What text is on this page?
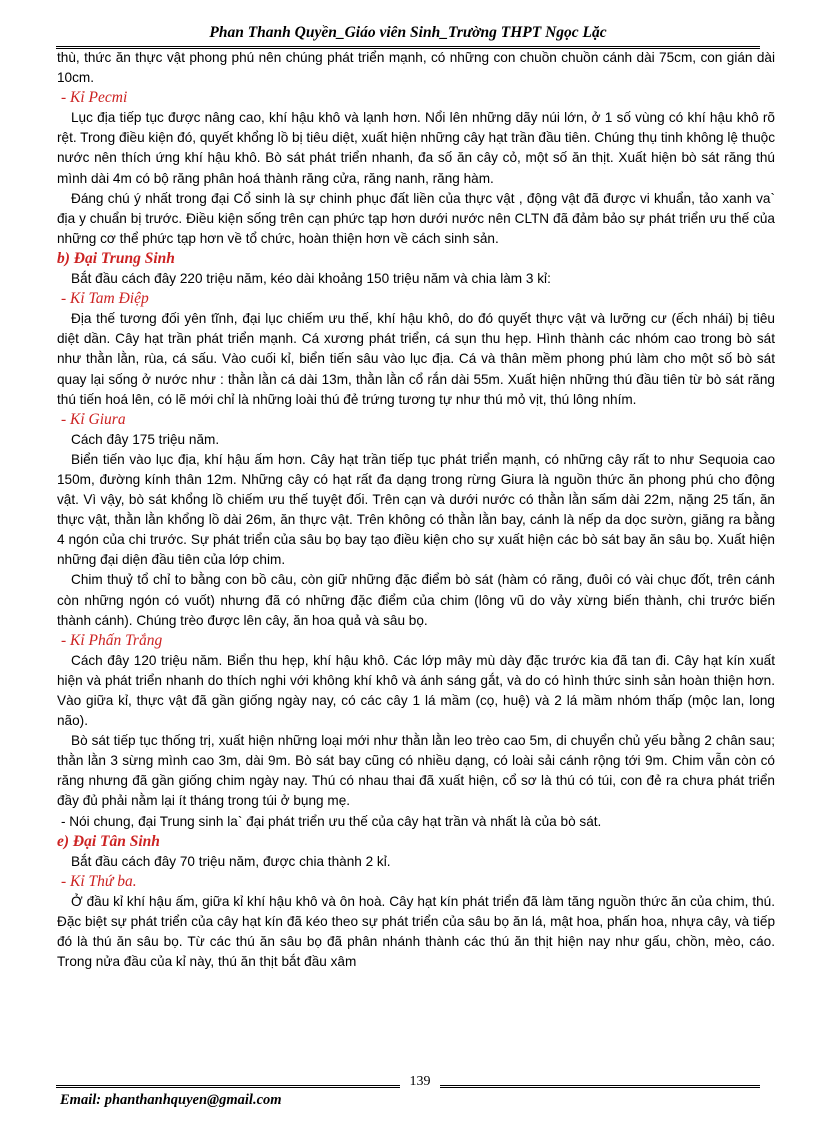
Phan Thanh Quyền_Giáo viên Sinh_Trường THPT Ngọc Lặc

thù, thức ăn thực vật phong phú nên chúng phát triển mạnh, có những con chuồn chuồn cánh dài 75cm, con gián dài 10cm.

- Kỉ Pecmi

Lục địa tiếp tục được nâng cao, khí hậu khô và lạnh hơn. Nổi lên những dãy núi lớn, ở 1 số vùng có khí hậu khô rõ rệt. Trong điều kiện đó, quyết khổng lồ bị tiêu diệt, xuất hiện những cây hạt trần đầu tiên. Chúng thụ tinh không lệ thuộc nước nên thích ứng khí hậu khô. Bò sát phát triển nhanh, đa số ăn cây cỏ, một số ăn thịt. Xuất hiện bò sát răng thú mình dài 4m có bộ răng phân hoá thành răng cửa, răng nanh, răng hàm.

Đáng chú ý nhất trong đại Cổ sinh là sự chinh phục đất liền của thực vật , động vật đã được vi khuẩn, tảo xanh va` địa y chuẩn bị trước. Điều kiện sống trên cạn phức tạp hơn dưới nước nên CLTN đã đảm bảo sự phát triển ưu thế của những cơ thể phức tạp hơn về tổ chức, hoàn thiện hơn về cách sinh sản.

b) Đại Trung Sinh

Bắt đầu cách đây 220 triệu năm, kéo dài khoảng 150 triệu năm và chia làm 3 kỉ:

- Kỉ Tam Điệp

Địa thế tương đối yên tĩnh, đại lục chiếm ưu thế, khí hậu khô, do đó quyết thực vật và lưỡng cư (ếch nhái) bị tiêu diệt dần. Cây hạt trần phát triển mạnh. Cá xương phát triển, cá sụn thu hẹp. Hình thành các nhóm cao trong bò sát như thằn lằn, rùa, cá sấu. Vào cuối kỉ, biển tiến sâu vào lục địa. Cá và thân mềm phong phú làm cho một số bò sát quay lại sống ở nước như : thằn lằn cá dài 13m, thằn lằn cổ rắn dài 55m. Xuất hiện những thú đầu tiên từ bò sát răng thú tiến hoá lên, có lẽ mới chỉ là những loài thú đẻ trứng tương tự như thú mỏ vịt, thú lông nhím.

- Kỉ Giura

Cách đây 175 triệu năm.

Biển tiến vào lục địa, khí hậu ấm hơn. Cây hạt trần tiếp tục phát triển mạnh, có những cây rất to như Sequoia cao 150m, đường kính thân 12m. Những cây có hạt rất đa dạng trong rừng Giura là nguồn thức ăn phong phú cho động vật. Vì vậy, bò sát khổng lồ chiếm ưu thế tuyệt đối. Trên cạn và dưới nước có thằn lằn sấm dài 22m, nặng 25 tấn, ăn thực vật, thằn lằn khổng lồ dài 26m, ăn thực vật. Trên không có thằn lằn bay, cánh là nếp da dọc sườn, giăng ra bằng 4 ngón của chi trước. Sự phát triển của sâu bọ bay tạo điều kiện cho sự xuất hiện các bò sát bay ăn sâu bọ. Xuất hiện những đại diện đầu tiên của lớp chim.

Chim thuỷ tổ chỉ to bằng con bồ câu, còn giữ những đặc điểm bò sát (hàm có răng, đuôi có vài chục đốt, trên cánh còn những ngón có vuốt) nhưng đã có những đặc điểm của chim (lông vũ do vảy xừng biến thành, chi trước biến thành cánh). Chúng trèo được lên cây, ăn hoa quả và sâu bọ.

- Kỉ Phấn Trắng

Cách đây 120 triệu năm. Biển thu hẹp, khí hậu khô. Các lớp mây mù dày đặc trước kia đã tan đi. Cây hạt kín xuất hiện và phát triển nhanh do thích nghi với không khí khô và ánh sáng gắt, và do có hình thức sinh sản hoàn thiện hơn. Vào giữa kỉ, thực vật đã gần giống ngày nay, có các cây 1 lá mầm (cọ, huệ) và 2 lá mầm nhóm thấp (mộc lan, long não).

Bò sát tiếp tục thống trị, xuất hiện những loại mới như thằn lằn leo trèo cao 5m, di chuyển chủ yếu bằng 2 chân sau; thằn lằn 3 sừng mình cao 3m, dài 9m. Bò sát bay cũng có nhiều dạng, có loài sải cánh rộng tới 9m. Chim vẫn còn có răng nhưng đã gần giống chim ngày nay. Thú có nhau thai đã xuất hiện, cổ sơ là thú có túi, con đẻ ra chưa phát triển đầy đủ phải nằm lại ít tháng trong túi ở bụng mẹ.

- Nói chung, đại Trung sinh la` đại phát triển ưu thế của cây hạt trần và nhất là của bò sát.

e) Đại Tân Sinh

Bắt đầu cách đây 70 triệu năm, được chia thành 2 kỉ.

- Kỉ Thứ ba.

Ở đầu kỉ khí hậu ấm, giữa kỉ khí hậu khô và ôn hoà. Cây hạt kín phát triển đã làm tăng nguồn thức ăn của chim, thú. Đặc biệt sự phát triển của cây hạt kín đã kéo theo sự phát triển của sâu bọ ăn lá, mật hoa, phấn hoa, nhựa cây, và tiếp đó là thú ăn sâu bọ. Từ các thú ăn sâu bọ đã phân nhánh thành các thú ăn thịt hiện nay như gấu, chồn, mèo, cáo. Trong nửa đầu của kỉ này, thú ăn thịt bắt đầu xâm

139
Email: phanthanhquyen@gmail.com
